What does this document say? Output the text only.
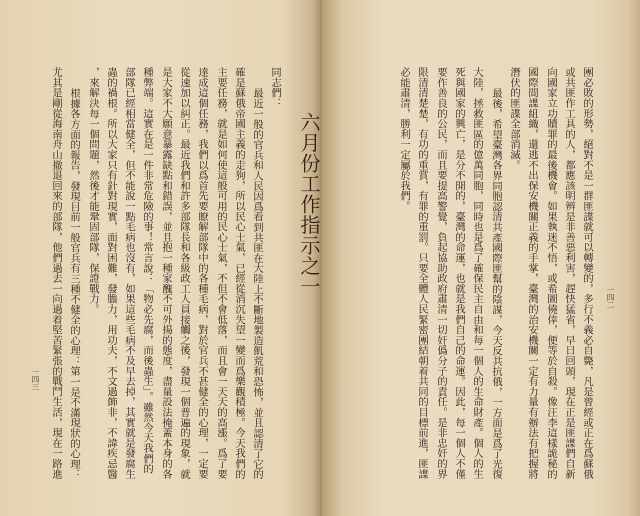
六月份工作指示之一
同志們：
最近一般的官兵和人民因爲看到共匪在大陸上不斷地製造飢荒和恐怖，並且認清了它的
確是蘇俄帝國主義的走狗，所以民心士氣，已經從消沉失望一變而爲樂觀積極。今天我們的
主要任務，就是如何使這般可用的民心士氣，不但不會低落，而且會一天天的高漲。爲了要
達成這個任務，我們以爲首先要瞭解部隊中的各種毛病，對於官兵不甚健全的心理，一定要
從速加以糾正。最近我們和許多部隊長和各級政工人員接觸之後，發現一個普遍的現象，就
是大家不大願意暴露缺點和錯誤，並且抱一種家醜不可外揚的態度，盡量設法掩蓋本身的各
種弊端。這實在是一件非常危險的事！常言說：「物必先腐，而後蟲生」。雖然今天我們的
部隊已經相當健全，但不能說一點毛病也沒有，如果這些毛病不及早去掉，其實就是發腐生
蟲的禍根。所以大家只有針對現實，面對困難，發膽力，用功夫，不文過飾非，不諱疾忌醫
，來解決每一個問題，然後才能鞏固部隊，保證戰力。
根據各方面的報告，發現目前一般官兵有三種不健全的心理：第一是不滿現狀的心理：
尤其是剛從海南舟山撤退回來的部隊，他們過去一向過着堅苦緊張的戰鬥生活，現在一路進
一四三
一四二
團必敗的形勢，絕對不是一群匪諜就可以轉變的，多行不義必自斃，凡是曾經或正在爲蘇俄
或共匪作工具的人，都應該明辨是非善惡利害，趕快猛省，早日回頭，現在正是匪諜們自新
向國家立功贖罪的最後機會。如果執迷不悟，或希圖僥倖，便等於自殺。像汪李這樣詭秘的
國際間諜組織，還逃不出保安機關正義的手掌，臺灣的治安機關一定有力量有辦法有把握將
潛伏的匪諜全部消滅。
最後，希望臺灣各界同胞認清共產國際匪幫的陰謀，今天反共抗俄，一方面是爲了光復
大陸，拯救匪區的億萬同胞，同時也是爲了確保民主自由和每一個人的生命財產。個人的生
死與國家的興亡，是分不開的，臺灣的命運，也就是我們自己的命運。因此，每一個人不僅
要作善良的公民，而且要提高警覺，負起協助政府肅清一切奸僞分子的責任。是非忠奸的界
限清清楚楚，有功的重賞，有罪的重罰。只要全體人民緊密團結朝着共同的目標前進，匪諜
必能肅清，勝利一定屬於我們。
